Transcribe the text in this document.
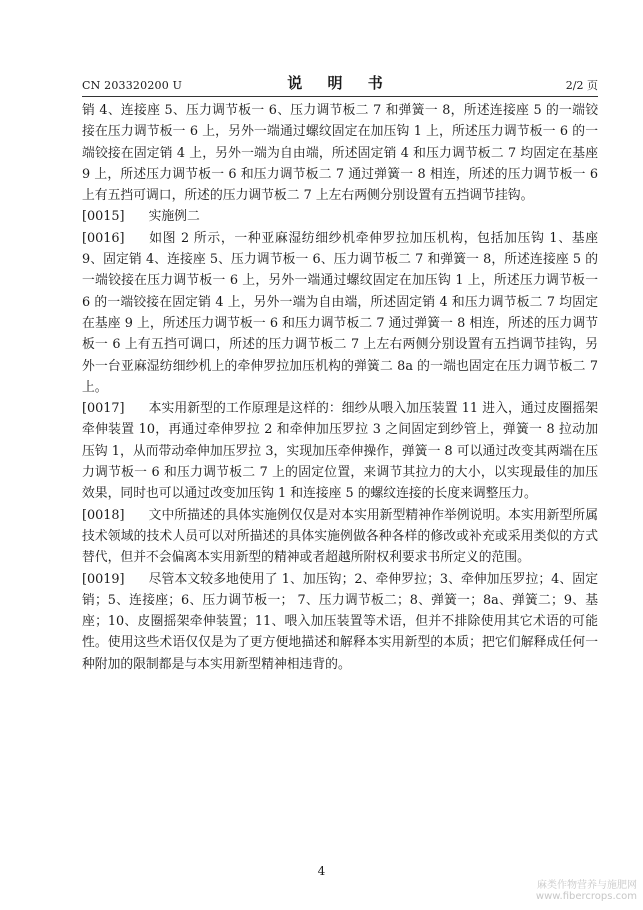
CN 203320200 U	说 明 书	2/2 页

销 4、连接座 5、压力调节板一 6、压力调节板二 7 和弹簧一 8，所述连接座 5 的一端铰接在压力调节板一 6 上，另外一端通过螺纹固定在加压钩 1 上，所述压力调节板一 6 的一端铰接在固定销 4 上，另外一端为自由端，所述固定销 4 和压力调节板二 7 均固定在基座 9 上，所述压力调节板一 6 和压力调节板二 7 通过弹簧一 8 相连，所述的压力调节板一 6 上有五挡可调口，所述的压力调节板二 7 上左右两侧分别设置有五挡调节挂钩。

[0015] 实施例二

[0016] 如图 2 所示，一种亚麻湿纺细纱机牵伸罗拉加压机构，包括加压钩 1、基座 9、固定销 4、连接座 5、压力调节板一 6、压力调节板二 7 和弹簧一 8，所述连接座 5 的一端铰接在压力调节板一 6 上，另外一端通过螺纹固定在加压钩 1 上，所述压力调节板一 6 的一端铰接在固定销 4 上，另外一端为自由端，所述固定销 4 和压力调节板二 7 均固定在基座 9 上，所述压力调节板一 6 和压力调节板二 7 通过弹簧一 8 相连，所述的压力调节板一 6 上有五挡可调口，所述的压力调节板二 7 上左右两侧分别设置有五挡调节挂钩，另外一台亚麻湿纺细纱机上的牵伸罗拉加压机构的弹簧二 8a 的一端也固定在压力调节板二 7 上。

[0017] 本实用新型的工作原理是这样的：细纱从喂入加压装置 11 进入，通过皮圈摇架牵伸装置 10，再通过牵伸罗拉 2 和牵伸加压罗拉 3 之间固定到纱管上，弹簧一 8 拉动加压钩 1，从而带动牵伸加压罗拉 3，实现加压牵伸操作，弹簧一 8 可以通过改变其两端在压力调节板一 6 和压力调节板二 7 上的固定位置，来调节其拉力的大小，以实现最佳的加压效果，同时也可以通过改变加压钩 1 和连接座 5 的螺纹连接的长度来调整压力。

[0018] 文中所描述的具体实施例仅仅是对本实用新型精神作举例说明。本实用新型所属技术领域的技术人员可以对所描述的具体实施例做各种各样的修改或补充或采用类似的方式替代，但并不会偏离本实用新型的精神或者超越所附权利要求书所定义的范围。

[0019] 尽管本文较多地使用了 1、加压钩；2、牵伸罗拉；3、牵伸加压罗拉；4、固定销；5、连接座；6、压力调节板一； 7、压力调节板二；8、弹簧一；8a、弹簧二；9、基座；10、皮圈摇架牵伸装置；11、喂入加压装置等术语，但并不排除使用其它术语的可能性。使用这些术语仅仅是为了更方便地描述和解释本实用新型的本质；把它们解释成任何一种附加的限制都是与本实用新型精神相违背的。

4
麻类作物营养与施肥网
www.fibercrops.com
